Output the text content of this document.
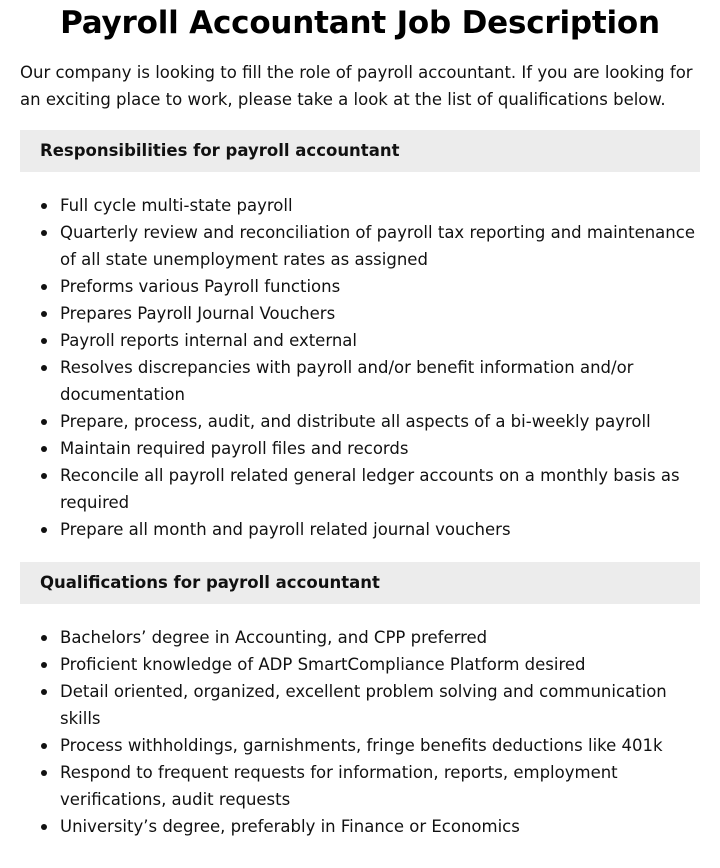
Payroll Accountant Job Description

Our company is looking to fill the role of payroll accountant. If you are looking for an exciting place to work, please take a look at the list of qualifications below.

Responsibilities for payroll accountant
Full cycle multi-state payroll
Quarterly review and reconciliation of payroll tax reporting and maintenance of all state unemployment rates as assigned
Preforms various Payroll functions
Prepares Payroll Journal Vouchers
Payroll reports internal and external
Resolves discrepancies with payroll and/or benefit information and/or documentation
Prepare, process, audit, and distribute all aspects of a bi-weekly payroll
Maintain required payroll files and records
Reconcile all payroll related general ledger accounts on a monthly basis as required
Prepare all month and payroll related journal vouchers
Qualifications for payroll accountant
Bachelors’ degree in Accounting, and CPP preferred
Proficient knowledge of ADP SmartCompliance Platform desired
Detail oriented, organized, excellent problem solving and communication skills
Process withholdings, garnishments, fringe benefits deductions like 401k
Respond to frequent requests for information, reports, employment verifications, audit requests
University’s degree, preferably in Finance or Economics
